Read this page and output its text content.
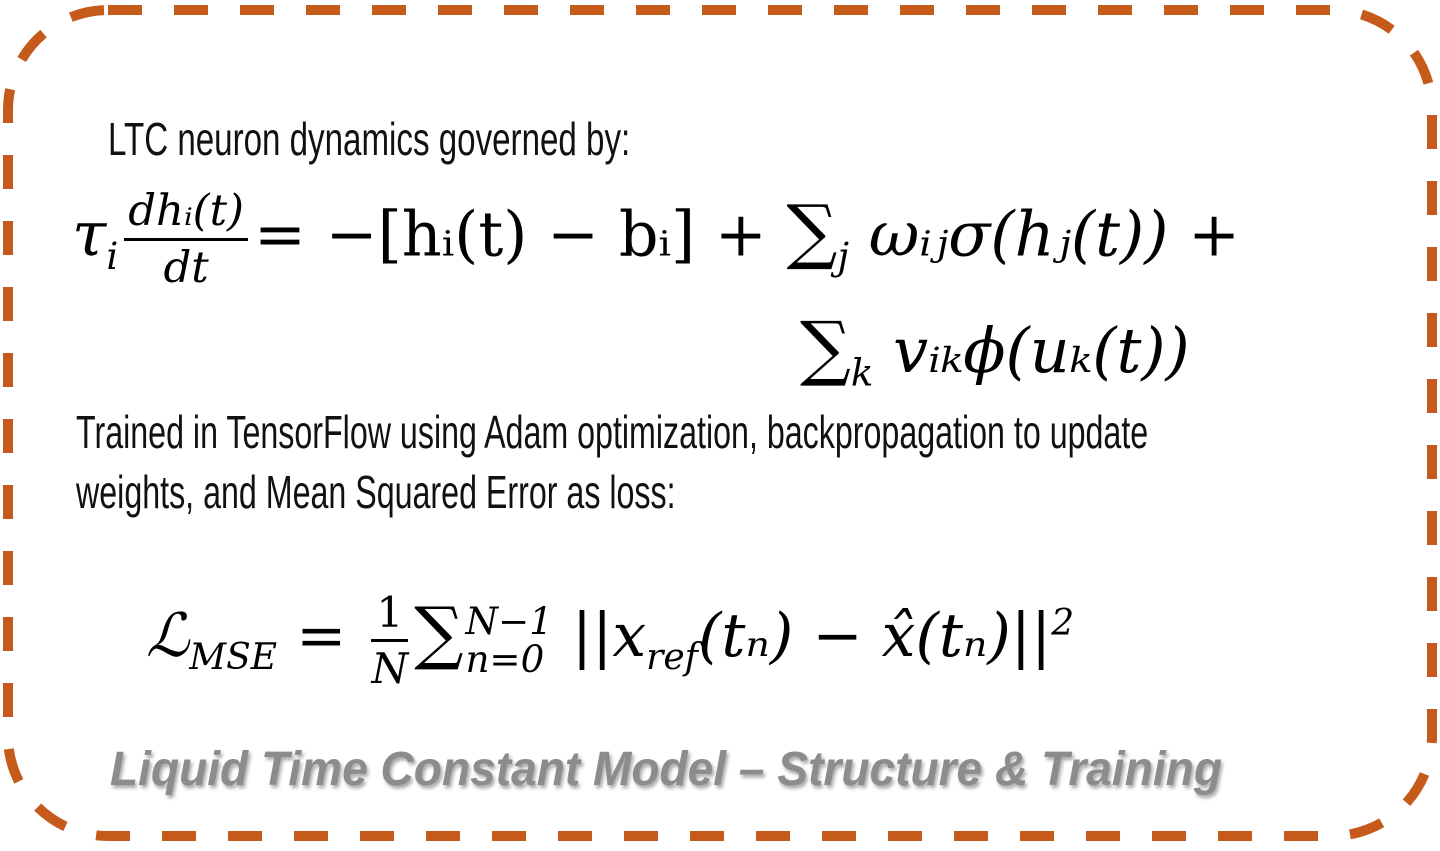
LTC neuron dynamics governed by:
$\tau_i \frac{\text{dhᵢ(t)}}{dt}$ = −[hᵢ(t) − bᵢ] + $\sum_j$ ωᵢⱼσ(hⱼ(t)) +
$\sum_k$ vᵢₖϕ(uₖ(t))
Trained in TensorFlow using Adam optimization, backpropagation to update
weights, and Mean Squared Error as loss:
ℒ$_{MSE}$ = $\frac{1}{N}$ ∑ N−1
n=0 $||x_{ref}(t_n)$ − $x̂(t_n)||^2$
Liquid Time Constant Model – Structure & Training
